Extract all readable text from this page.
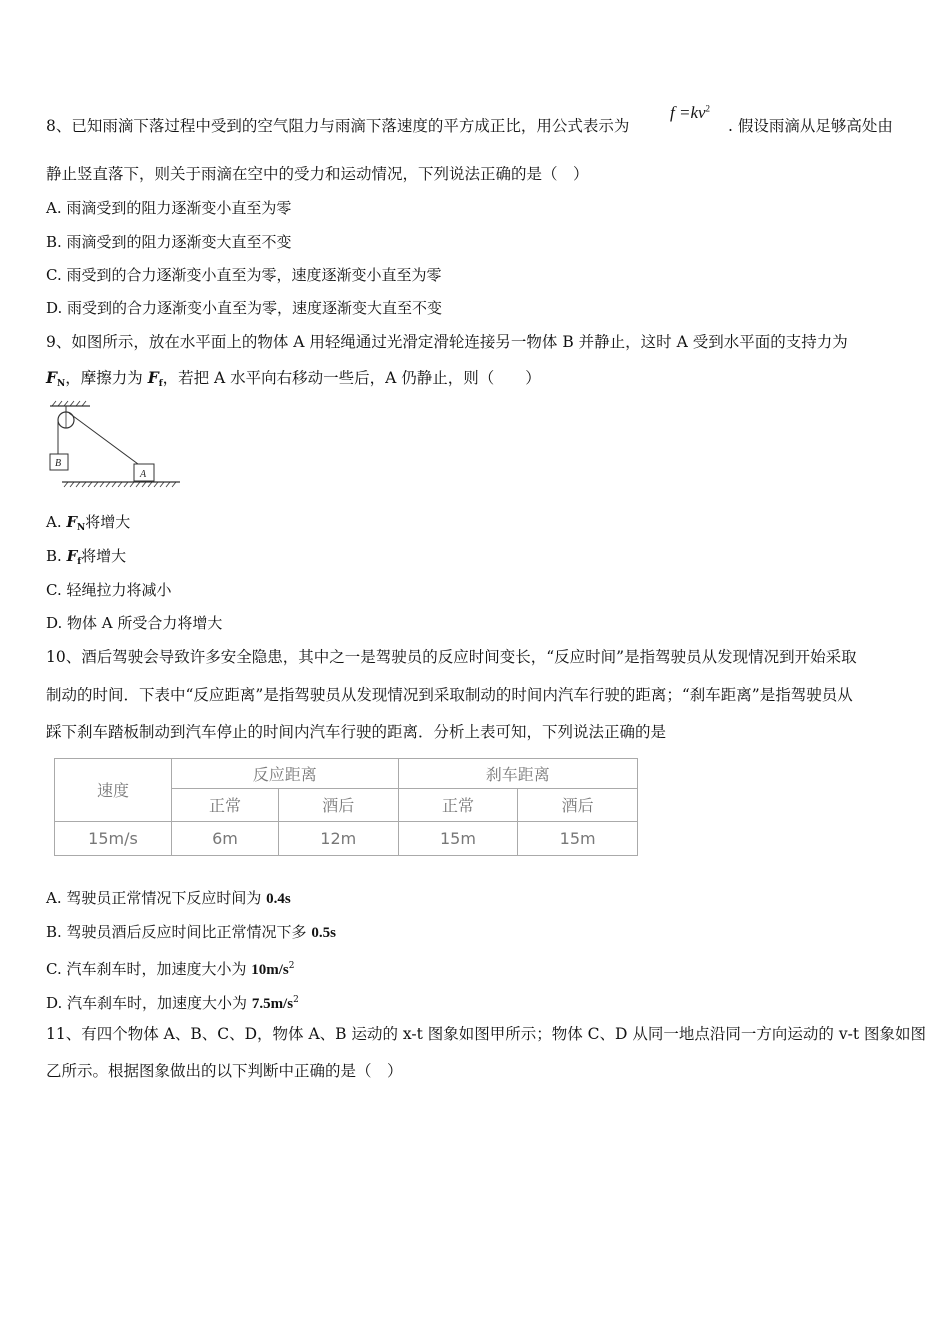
8、已知雨滴下落过程中受到的空气阻力与雨滴下落速度的平方成正比，用公式表示为
$f =kv^2$
. 假设雨滴从足够高处由
静止竖直落下，则关于雨滴在空中的受力和运动情况，下列说法正确的是（　）
A. 雨滴受到的阻力逐渐变小直至为零
B. 雨滴受到的阻力逐渐变大直至不变
C. 雨受到的合力逐渐变小直至为零，速度逐渐变小直至为零
D. 雨受到的合力逐渐变小直至为零，速度逐渐变大直至不变
9、如图所示，放在水平面上的物体 A 用轻绳通过光滑定滑轮连接另一物体 B 并静止，这时 A 受到水平面的支持力为
$F_N$，摩擦力为 $F_f$，若把 A 水平向右移动一些后，A 仍静止，则（　　）
B
A
A. $F_N$将增大
B. $F_f$将增大
C. 轻绳拉力将减小
D. 物体 A 所受合力将增大
10、酒后驾驶会导致许多安全隐患，其中之一是驾驶员的反应时间变长，“反应时间”是指驾驶员从发现情况到开始采取
制动的时间．下表中“反应距离”是指驾驶员从发现情况到采取制动的时间内汽车行驶的距离；“刹车距离”是指驾驶员从
踩下刹车踏板制动到汽车停止的时间内汽车行驶的距离．分析上表可知，下列说法正确的是
速度	反应距离		刹车距离	
	正常	酒后	正常	酒后
15m/s	6m	12m	15m	15m
A. 驾驶员正常情况下反应时间为 0.4s
B. 驾驶员酒后反应时间比正常情况下多 0.5s
C. 汽车刹车时，加速度大小为 $10m/s^2$
D. 汽车刹车时，加速度大小为 $7.5m/s^2$
11、有四个物体 A、B、C、D，物体 A、B 运动的 x-t 图象如图甲所示；物体 C、D 从同一地点沿同一方向运动的 v-t 图象如图
乙所示。根据图象做出的以下判断中正确的是（　）
